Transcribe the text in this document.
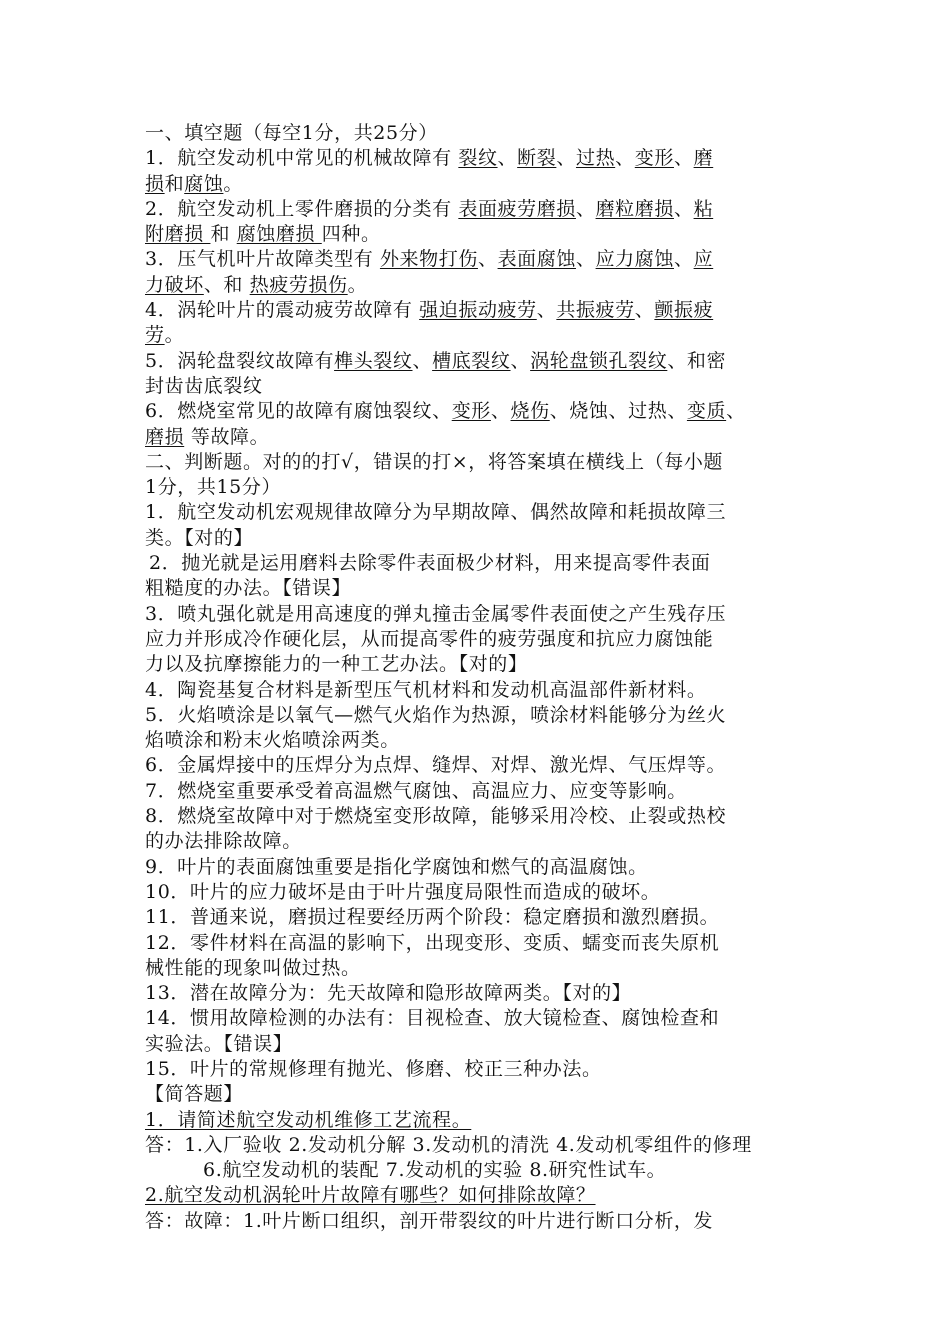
一、填空题（每空1分，共25分）
1．航空发动机中常见的机械故障有 裂纹、断裂、过热、变形、磨
损和腐蚀。
2．航空发动机上零件磨损的分类有 表面疲劳磨损、磨粒磨损、粘
附磨损 和 腐蚀磨损 四种。
3．压气机叶片故障类型有 外来物打伤、表面腐蚀、应力腐蚀、应
力破坏、和 热疲劳损伤。
4．涡轮叶片的震动疲劳故障有 强迫振动疲劳、共振疲劳、颤振疲
劳。
5．涡轮盘裂纹故障有榫头裂纹、槽底裂纹、涡轮盘锁孔裂纹、和密
封齿齿底裂纹
6．燃烧室常见的故障有腐蚀裂纹、变形、烧伤、烧蚀、过热、变质、
磨损 等故障。
二、判断题。对的的打√，错误的打×，将答案填在横线上（每小题
1分，共15分）
1．航空发动机宏观规律故障分为早期故障、偶然故障和耗损故障三
类。【对的】
2．抛光就是运用磨料去除零件表面极少材料，用来提高零件表面
粗糙度的办法。【错误】
3．喷丸强化就是用高速度的弹丸撞击金属零件表面使之产生残存压
应力并形成冷作硬化层，从而提高零件的疲劳强度和抗应力腐蚀能
力以及抗摩擦能力的一种工艺办法。【对的】
4．陶瓷基复合材料是新型压气机材料和发动机高温部件新材料。
5．火焰喷涂是以氧气—燃气火焰作为热源，喷涂材料能够分为丝火
焰喷涂和粉末火焰喷涂两类。
6．金属焊接中的压焊分为点焊、缝焊、对焊、激光焊、气压焊等。
7．燃烧室重要承受着高温燃气腐蚀、高温应力、应变等影响。
8．燃烧室故障中对于燃烧室变形故障，能够采用冷校、止裂或热校
的办法排除故障。
9．叶片的表面腐蚀重要是指化学腐蚀和燃气的高温腐蚀。
10．叶片的应力破坏是由于叶片强度局限性而造成的破坏。
11．普通来说，磨损过程要经历两个阶段：稳定磨损和激烈磨损。
12．零件材料在高温的影响下，出现变形、变质、蠕变而丧失原机
械性能的现象叫做过热。
13．潜在故障分为：先天故障和隐形故障两类。【对的】
14．惯用故障检测的办法有：目视检查、放大镜检查、腐蚀检查和
实验法。【错误】
15．叶片的常规修理有抛光、修磨、校正三种办法。
【简答题】
1．请简述航空发动机维修工艺流程。
答：1.入厂验收 2.发动机分解 3.发动机的清洗 4.发动机零组件的修理
6.航空发动机的装配 7.发动机的实验 8.研究性试车。
2.航空发动机涡轮叶片故障有哪些？如何排除故障？
答：故障：1.叶片断口组织，剖开带裂纹的叶片进行断口分析，发
